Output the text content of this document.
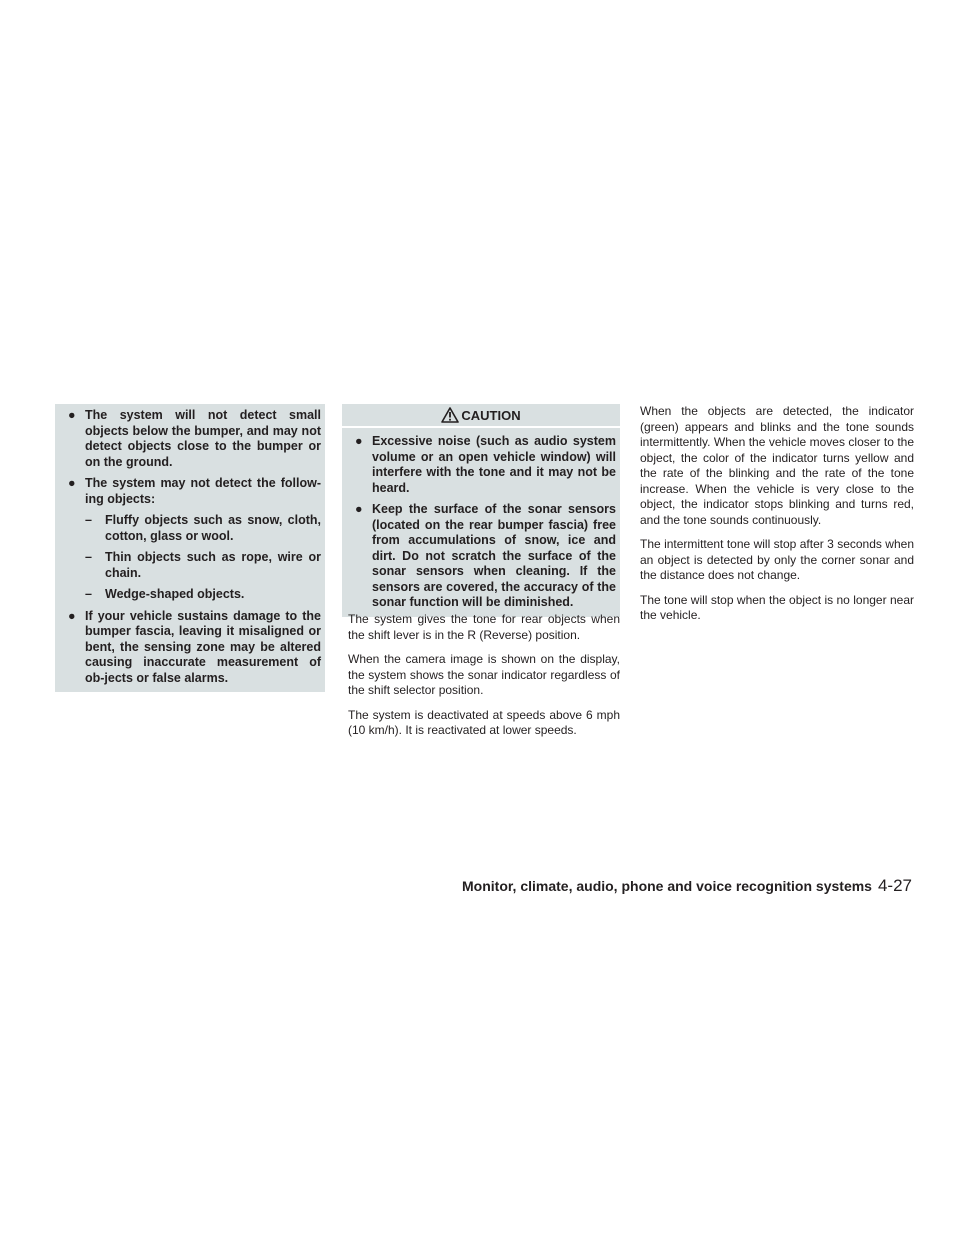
● The system will not detect small objects below the bumper, and may not detect objects close to the bumper or on the ground.
● The system may not detect the follow-ing objects:
– Fluffy objects such as snow, cloth, cotton, glass or wool.
– Thin objects such as rope, wire or chain.
– Wedge-shaped objects.
● If your vehicle sustains damage to the bumper fascia, leaving it misaligned or bent, the sensing zone may be altered causing inaccurate measurement of ob-jects or false alarms.
CAUTION
● Excessive noise (such as audio system volume or an open vehicle window) will interfere with the tone and it may not be heard.
● Keep the surface of the sonar sensors (located on the rear bumper fascia) free from accumulations of snow, ice and dirt. Do not scratch the surface of the sonar sensors when cleaning. If the sensors are covered, the accuracy of the sonar function will be diminished.

The system gives the tone for rear objects when the shift lever is in the R (Reverse) position.

When the camera image is shown on the display, the system shows the sonar indicator regardless of the shift selector position.

The system is deactivated at speeds above 6 mph (10 km/h). It is reactivated at lower speeds.

When the objects are detected, the indicator (green) appears and blinks and the tone sounds intermittently. When the vehicle moves closer to the object, the color of the indicator turns yellow and the rate of the blinking and the rate of the tone increase. When the vehicle is very close to the object, the indicator stops blinking and turns red, and the tone sounds continuously.

The intermittent tone will stop after 3 seconds when an object is detected by only the corner sonar and the distance does not change.

The tone will stop when the object is no longer near the vehicle.

Monitor, climate, audio, phone and voice recognition systems 4-27
